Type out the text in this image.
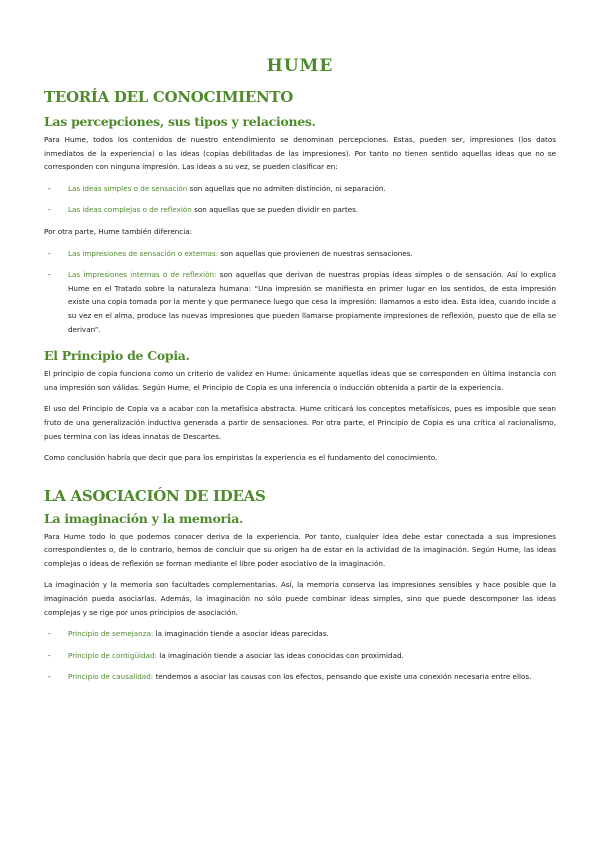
HUME
TEORÍA DEL CONOCIMIENTO
Las percepciones, sus tipos y relaciones.

Para Hume, todos los contenidos de nuestro entendimiento se denominan percepciones. Estas, pueden ser, impresiones (los datos inmediatos de la experiencia) o las ideas (copias debilitadas de las impresiones). Por tanto no tienen sentido aquellas ideas que no se corresponden con ninguna impresión. Las ideas a su vez, se pueden clasificar en:

-	Las ideas simples o de sensación son aquellas que no admiten distinción, ni separación.
-	Las ideas complejas o de reflexión son aquellas que se pueden dividir en partes.

Por otra parte, Hume también diferencia:

-	Las impresiones de sensación o externas: son aquellas que provienen de nuestras sensaciones.
-	Las impresiones internas o de reflexión: son aquellas que derivan de nuestras propias ideas simples o de sensación. Así lo explica Hume en el Tratado sobre la naturaleza humana: “Una impresión se manifiesta en primer lugar en los sentidos, de esta impresión existe una copia tomada por la mente y que permanece luego que cesa la impresión: llamamos a esto idea. Esta idea, cuando incide a su vez en el alma, produce las nuevas impresiones que pueden llamarse propiamente impresiones de reflexión, puesto que de ella se derivan”.
El Principio de Copia.

El principio de copia funciona como un criterio de validez en Hume: únicamente aquellas ideas que se corresponden en última instancia con una impresión son válidas. Según Hume, el Principio de Copia es una inferencia o inducción obtenida a partir de la experiencia.

El uso del Principio de Copia va a acabar con la metafísica abstracta. Hume criticará los conceptos metafísicos, pues es imposible que sean fruto de una generalización inductiva generada a partir de sensaciones. Por otra parte, el Principio de Copia es una crítica al racionalismo, pues termina con las ideas innatas de Descartes.

Como conclusión habría que decir que para los empiristas la experiencia es el fundamento del conocimiento.

LA ASOCIACIÓN DE IDEAS
La imaginación y la memoria.

Para Hume todo lo que podemos conocer deriva de la experiencia. Por tanto, cualquier idea debe estar conectada a sus impresiones correspondientes o, de lo contrario, hemos de concluir que su origen ha de estar en la actividad de la imaginación. Según Hume, las ideas complejas o ideas de reflexión se forman mediante el libre poder asociativo de la imaginación.

La imaginación y la memoria son facultades complementarias. Así, la memoria conserva las impresiones sensibles y hace posible que la imaginación pueda asociarlas. Además, la imaginación no sólo puede combinar ideas simples, sino que puede descomponer las ideas complejas y se rige por unos principios de asociación.

-	Principio de semejanza: la imaginación tiende a asociar ideas parecidas.
-	Principio de contigüidad: la imaginación tiende a asociar las ideas conocidas con proximidad.
-	Principio de causalidad: tendemos a asociar las causas con los efectos, pensando que existe una conexión necesaria entre ellos.
